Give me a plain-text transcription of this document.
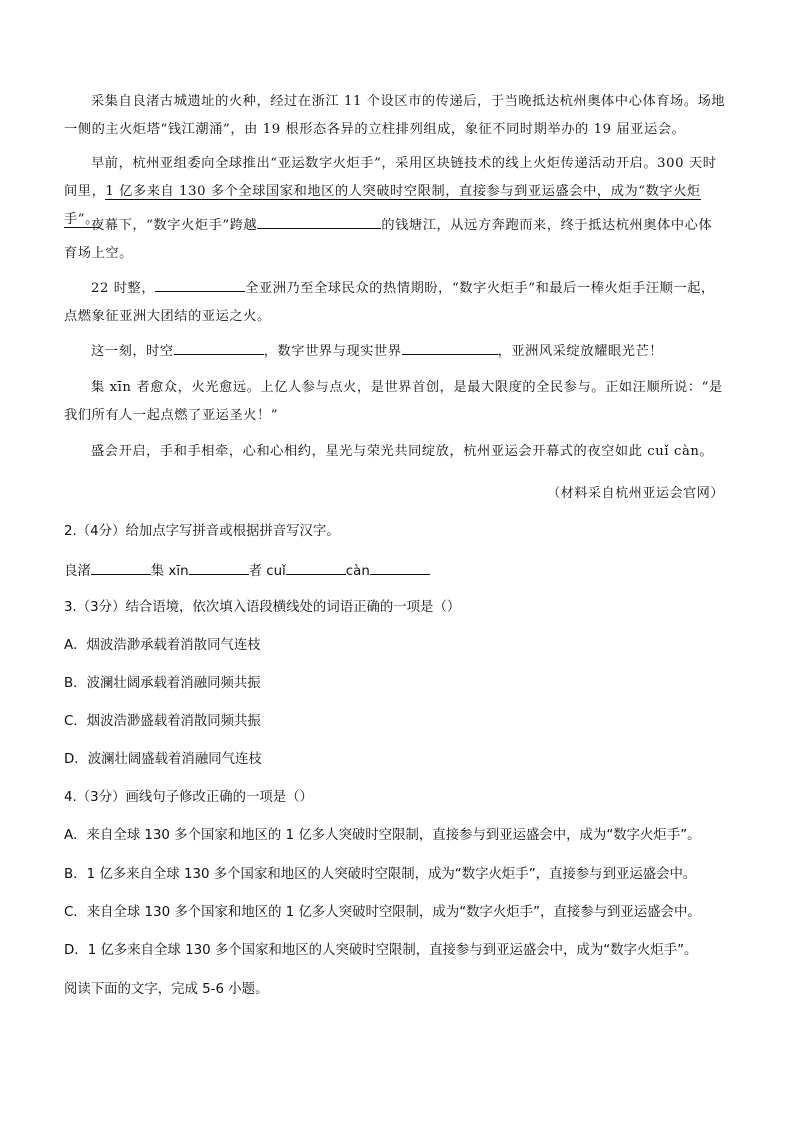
采集自良渚古城遗址的火种，经过在浙江 11 个设区市的传递后，于当晚抵达杭州奥体中心体育场。场地

一侧的主火炬塔“钱江潮涌”，由 19 根形态各异的立柱排列组成，象征不同时期举办的 19 届亚运会。

早前，杭州亚组委向全球推出“亚运数字火炬手”，采用区块链技术的线上火炬传递活动开启。300 天时

间里，1 亿多来自 130 多个全球国家和地区的人突破时空限制，直接参与到亚运盛会中，成为“数字火炬手”。

夜幕下，“数字火炬手”跨越	的钱塘江，从远方奔跑而来，终于抵达杭州奥体中心体

育场上空。

22 时整，	全亚洲乃至全球民众的热情期盼，“数字火炬手”和最后一棒火炬手汪顺一起，

点燃象征亚洲大团结的亚运之火。

这一刻，时空	，数字世界与现实世界	，亚洲风采绽放耀眼光芒！

集 xīn 者愈众，火光愈远。上亿人参与点火，是世界首创，是最大限度的全民参与。正如汪顺所说：“是

我们所有人一起点燃了亚运圣火！”

盛会开启，手和手相牵，心和心相约，星光与荣光共同绽放，杭州亚运会开幕式的夜空如此 cuǐ càn。

（材料采自杭州亚运会官网）
2.（4分）给加点字写拼音或根据拼音写汉字。
良渚	集 xīn	者 cuǐ	càn
3.（3分）结合语境，依次填入语段横线处的词语正确的一项是（）
A．烟波浩渺承载着消散同气连枝
B．波澜壮阔承载着消融同频共振
C．烟波浩渺盛载着消散同频共振
D．波澜壮阔盛载着消融同气连枝
4.（3分）画线句子修改正确的一项是（）
A．来自全球 130 多个国家和地区的 1 亿多人突破时空限制，直接参与到亚运盛会中，成为“数字火炬手”。
B．1 亿多来自全球 130 多个国家和地区的人突破时空限制，成为“数字火炬手”，直接参与到亚运盛会中。
C．来自全球 130 多个国家和地区的 1 亿多人突破时空限制，成为“数字火炬手”，直接参与到亚运盛会中。
D．1 亿多来自全球 130 多个国家和地区的人突破时空限制，直接参与到亚运盛会中，成为“数字火炬手”。
阅读下面的文字，完成 5-6 小题。
